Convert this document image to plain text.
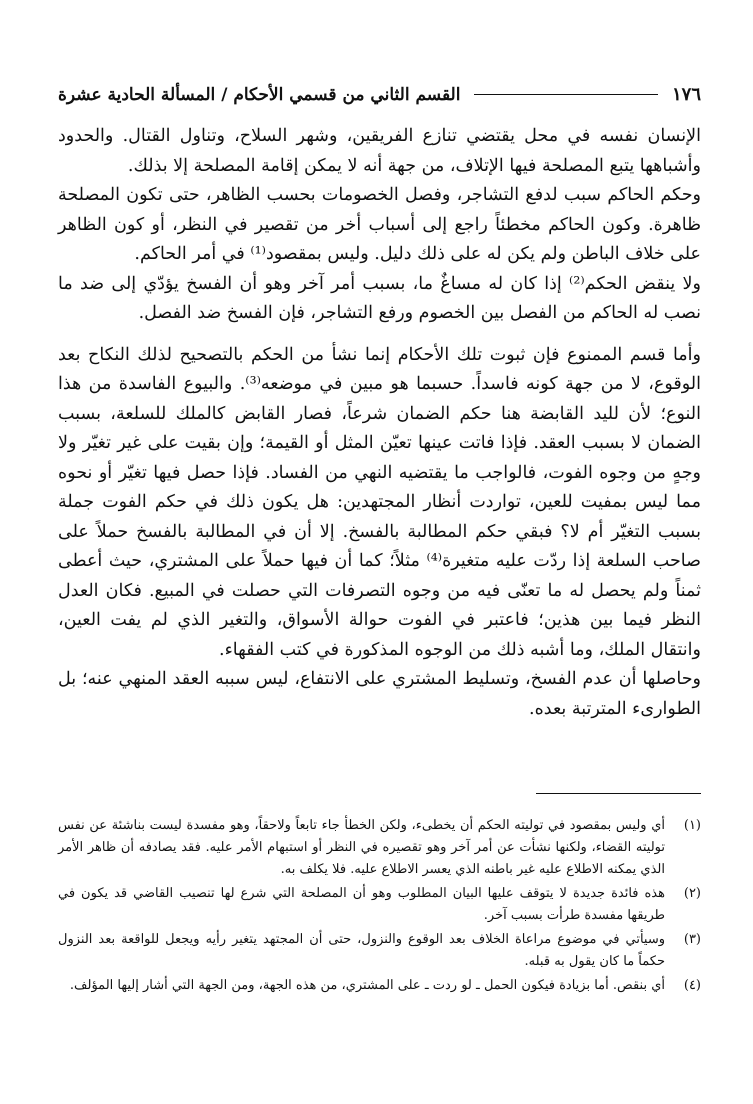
١٧٦
القسم الثاني من قسمي الأحكام / المسألة الحادية عشرة

الإنسان نفسه في محل يقتضي تنازع الفريقين، وشهر السلاح، وتناول القتال. والحدود وأشباهها يتبع المصلحة فيها الإتلاف، من جهة أنه لا يمكن إقامة المصلحة إلا بذلك.

وحكم الحاكم سبب لدفع التشاجر، وفصل الخصومات بحسب الظاهر، حتى تكون المصلحة ظاهرة. وكون الحاكم مخطئاً راجع إلى أسباب أخر من تقصير في النظر، أو كون الظاهر على خلاف الباطن ولم يكن له على ذلك دليل. وليس بمقصود⁽¹⁾ في أمر الحاكم.

ولا ينقض الحكم⁽²⁾ إذا كان له مساغٌ ما، بسبب أمر آخر وهو أن الفسخ يؤدّي إلى ضد ما نصب له الحاكم من الفصل بين الخصوم ورفع التشاجر، فإن الفسخ ضد الفصل.

وأما قسم الممنوع فإن ثبوت تلك الأحكام إنما نشأ من الحكم بالتصحيح لذلك النكاح بعد الوقوع، لا من جهة كونه فاسداً. حسبما هو مبين في موضعه⁽³⁾. والبيوع الفاسدة من هذا النوع؛ لأن لليد القابضة هنا حكم الضمان شرعاً، فصار القابض كالملك للسلعة، بسبب الضمان لا بسبب العقد. فإذا فاتت عينها تعيّن المثل أو القيمة؛ وإن بقيت على غير تغيّر ولا وجهٍ من وجوه الفوت، فالواجب ما يقتضيه النهي من الفساد. فإذا حصل فيها تغيّر أو نحوه مما ليس بمفيت للعين، تواردت أنظار المجتهدين: هل يكون ذلك في حكم الفوت جملة بسبب التغيّر أم لا؟ فبقي حكم المطالبة بالفسخ. إلا أن في المطالبة بالفسخ حملاً على صاحب السلعة إذا ردّت عليه متغيرة⁽⁴⁾ مثلاً؛ كما أن فيها حملاً على المشتري، حيث أعطى ثمناً ولم يحصل له ما تعنّى فيه من وجوه التصرفات التي حصلت في المبيع. فكان العدل النظر فيما بين هذين؛ فاعتبر في الفوت حوالة الأسواق، والتغير الذي لم يفت العين، وانتقال الملك، وما أشبه ذلك من الوجوه المذكورة في كتب الفقهاء.

وحاصلها أن عدم الفسخ، وتسليط المشتري على الانتفاع، ليس سببه العقد المنهي عنه؛ بل الطوارىء المترتبة بعده.

(١)
أي وليس بمقصود في توليته الحكم أن يخطىء، ولكن الخطأ جاء تابعاً ولاحقاً، وهو مفسدة ليست بناشئة عن نفس توليته القضاء، ولكنها نشأت عن أمر آخر وهو تقصيره في النظر أو استبهام الأمر عليه. فقد يصادفه أن ظاهر الأمر الذي يمكنه الاطلاع عليه غير باطنه الذي يعسر الاطلاع عليه. فلا يكلف به.
(٢)
هذه فائدة جديدة لا يتوقف عليها البيان المطلوب وهو أن المصلحة التي شرع لها تنصيب القاضي قد يكون في طريقها مفسدة طرأت بسبب آخر.
(٣)
وسيأتي في موضوع مراعاة الخلاف بعد الوقوع والنزول، حتى أن المجتهد يتغير رأيه ويجعل للواقعة بعد النزول حكماً ما كان يقول به قبله.
(٤)
أي بنقص. أما بزيادة فيكون الحمل ـ لو ردت ـ على المشتري، من هذه الجهة، ومن الجهة التي أشار إليها المؤلف.
